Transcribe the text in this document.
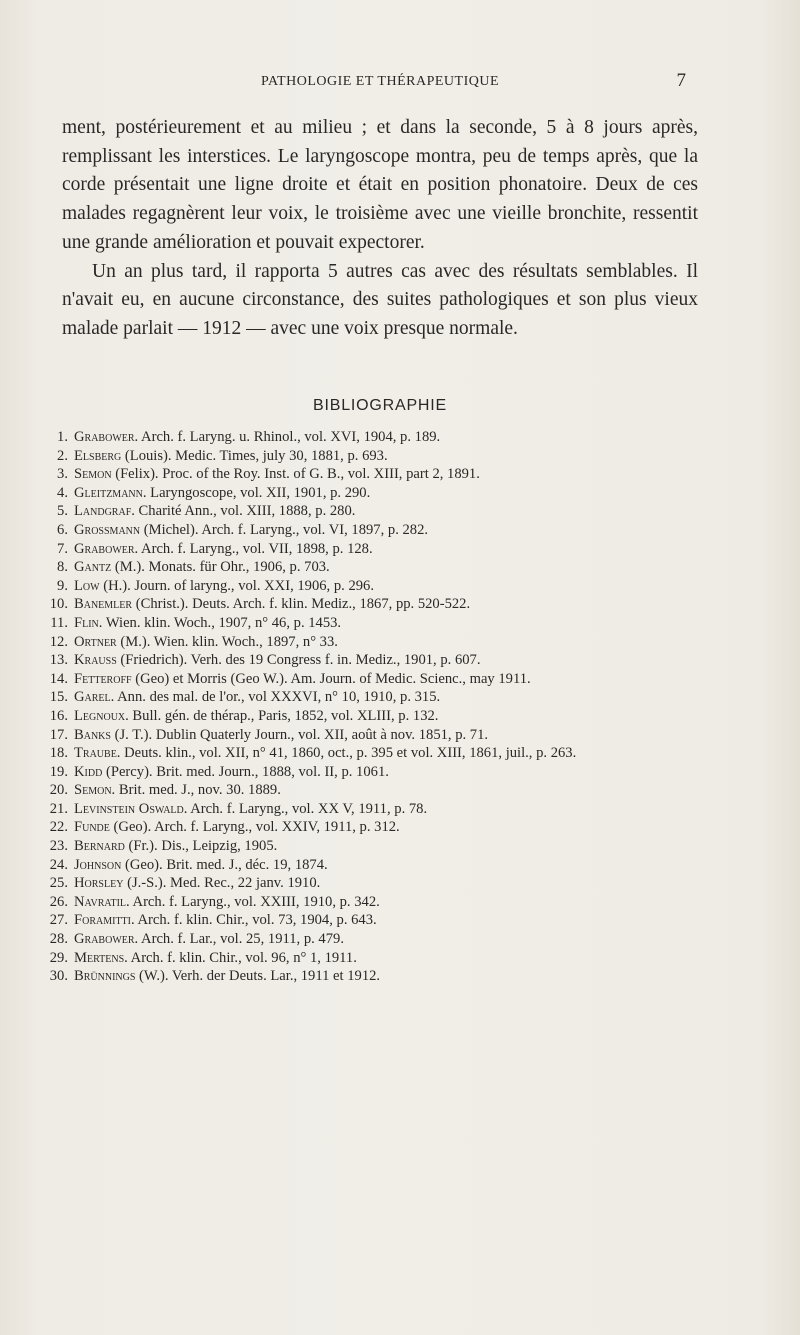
PATHOLOGIE ET THÉRAPEUTIQUE	7

ment, postérieurement et au milieu ; et dans la seconde, 5 à 8 jours après, remplissant les interstices. Le laryngoscope montra, peu de temps après, que la corde présentait une ligne droite et était en position phonatoire. Deux de ces malades regagnèrent leur voix, le troisième avec une vieille bronchite, ressentit une grande amélioration et pouvait expectorer.

Un an plus tard, il rapporta 5 autres cas avec des résultats semblables. Il n'avait eu, en aucune circonstance, des suites pathologiques et son plus vieux malade parlait — 1912 — avec une voix presque normale.

BIBLIOGRAPHIE
1. Grabower. Arch. f. Laryng. u. Rhinol., vol. XVI, 1904, p. 189.
2. Elsberg (Louis). Medic. Times, july 30, 1881, p. 693.
3. Semon (Felix). Proc. of the Roy. Inst. of G. B., vol. XIII, part 2, 1891.
4. Gleitzmann. Laryngoscope, vol. XII, 1901, p. 290.
5. Landgraf. Charité Ann., vol. XIII, 1888, p. 280.
6. Grossmann (Michel). Arch. f. Laryng., vol. VI, 1897, p. 282.
7. Grabower. Arch. f. Laryng., vol. VII, 1898, p. 128.
8. Gantz (M.). Monats. für Ohr., 1906, p. 703.
9. Low (H.). Journ. of laryng., vol. XXI, 1906, p. 296.
10. Banemler (Christ.). Deuts. Arch. f. klin. Mediz., 1867, pp. 520-522.
11. Flin. Wien. klin. Woch., 1907, n° 46, p. 1453.
12. Ortner (M.). Wien. klin. Woch., 1897, n° 33.
13. Krauss (Friedrich). Verh. des 19 Congress f. in. Mediz., 1901, p. 607.
14. Fetteroff (Geo) et Morris (Geo W.). Am. Journ. of Medic. Scienc., may 1911.
15. Garel. Ann. des mal. de l'or., vol XXXVI, n° 10, 1910, p. 315.
16. Legnoux. Bull. gén. de thérap., Paris, 1852, vol. XLIII, p. 132.
17. Banks (J. T.). Dublin Quaterly Journ., vol. XII, août à nov. 1851, p. 71.
18. Traube. Deuts. klin., vol. XII, n° 41, 1860, oct., p. 395 et vol. XIII, 1861, juil., p. 263.
19. Kidd (Percy). Brit. med. Journ., 1888, vol. II, p. 1061.
20. Semon. Brit. med. J., nov. 30. 1889.
21. Levinstein Oswald. Arch. f. Laryng., vol. XX V, 1911, p. 78.
22. Funde (Geo). Arch. f. Laryng., vol. XXIV, 1911, p. 312.
23. Bernard (Fr.). Dis., Leipzig, 1905.
24. Johnson (Geo). Brit. med. J., déc. 19, 1874.
25. Horsley (J.-S.). Med. Rec., 22 janv. 1910.
26. Navratil. Arch. f. Laryng., vol. XXIII, 1910, p. 342.
27. Foramitti. Arch. f. klin. Chir., vol. 73, 1904, p. 643.
28. Grabower. Arch. f. Lar., vol. 25, 1911, p. 479.
29. Mertens. Arch. f. klin. Chir., vol. 96, n° 1, 1911.
30. Brünnings (W.). Verh. der Deuts. Lar., 1911 et 1912.
